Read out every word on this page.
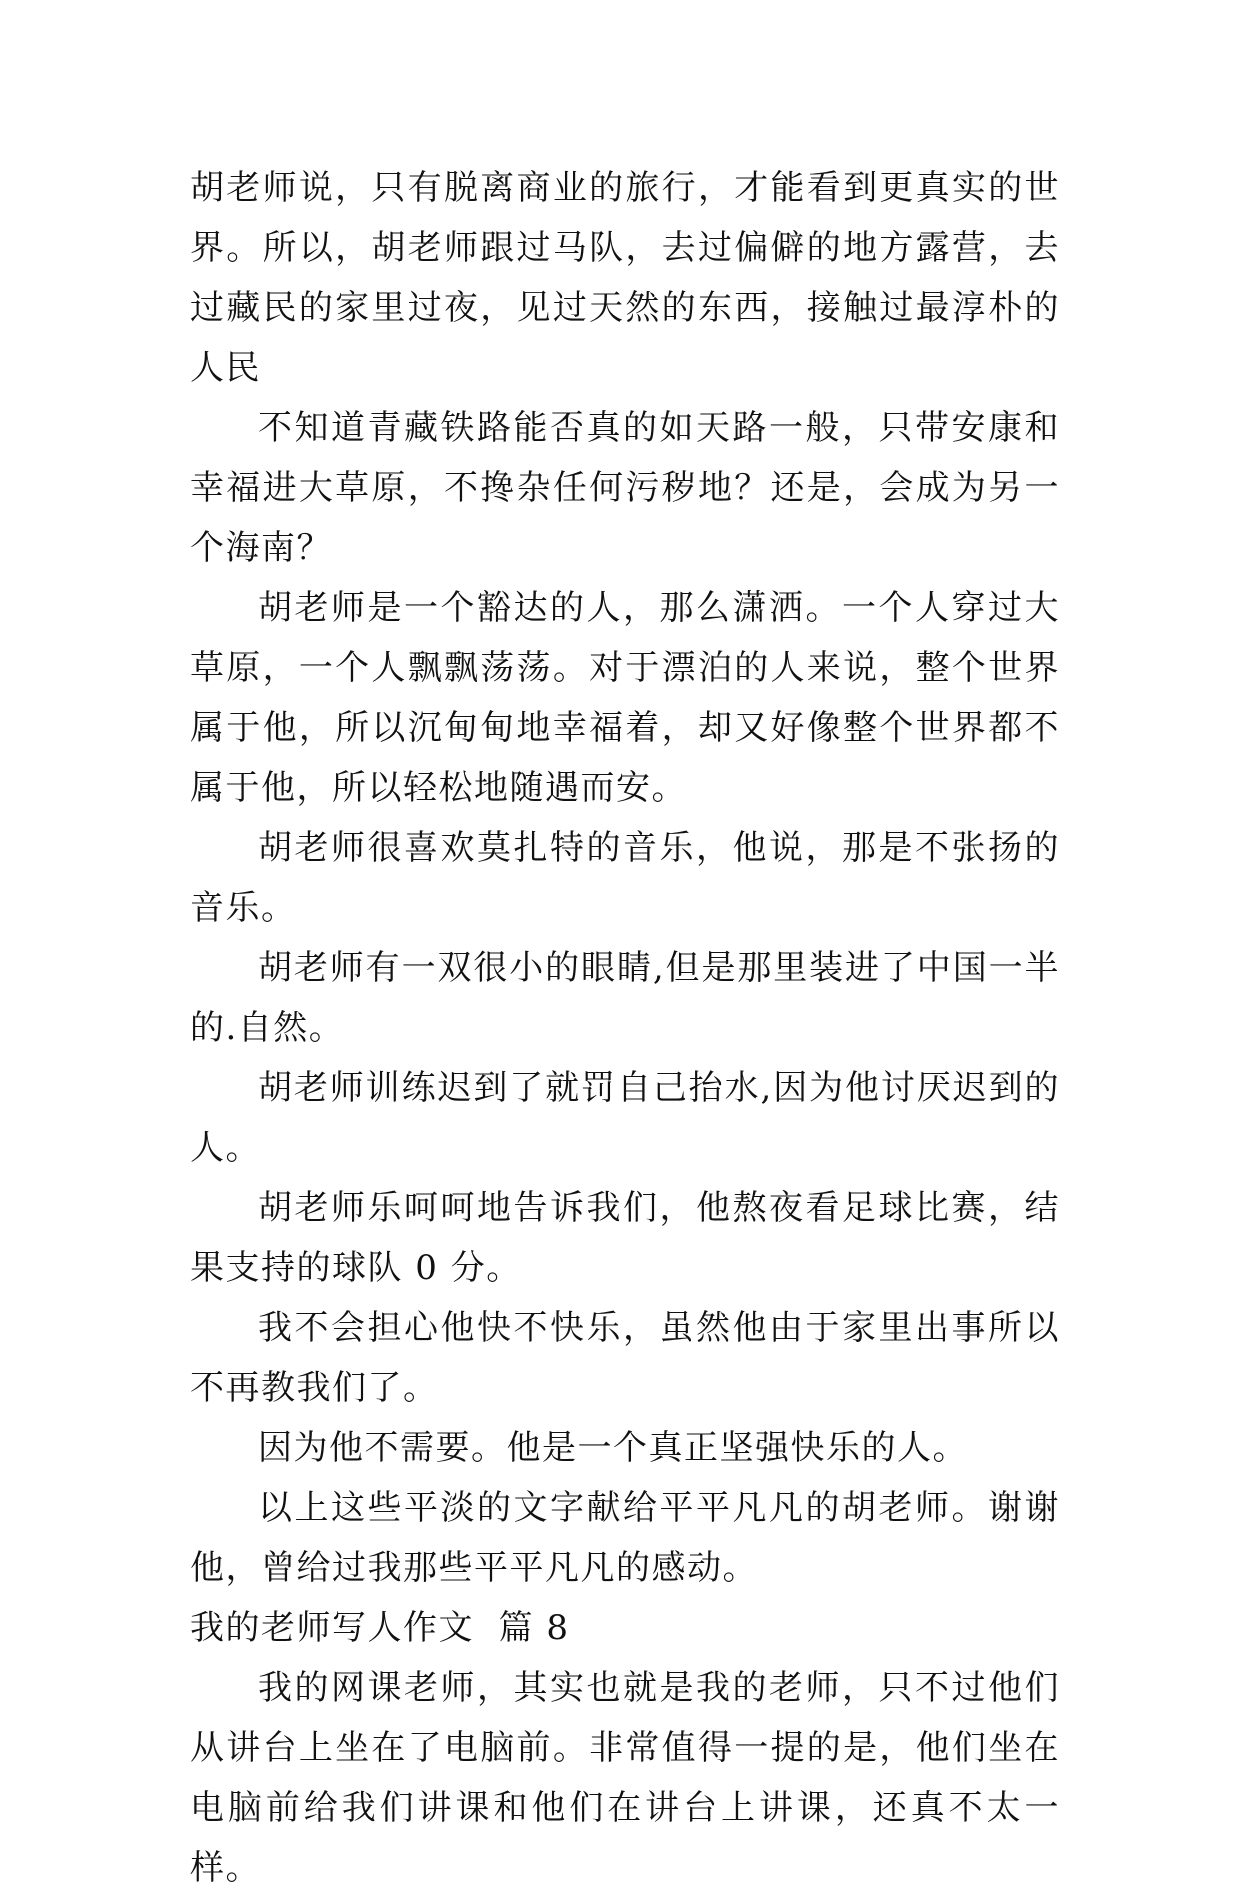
胡老师说，只有脱离商业的旅行，才能看到更真实的世界。所以，胡老师跟过马队，去过偏僻的地方露营，去过藏民的家里过夜，见过天然的东西，接触过最淳朴的人民

不知道青藏铁路能否真的如天路一般，只带安康和幸福进大草原，不搀杂任何污秽地？还是，会成为另一个海南？

胡老师是一个豁达的人，那么潇洒。一个人穿过大草原，一个人飘飘荡荡。对于漂泊的人来说，整个世界属于他，所以沉甸甸地幸福着，却又好像整个世界都不属于他，所以轻松地随遇而安。

胡老师很喜欢莫扎特的音乐，他说，那是不张扬的音乐。

胡老师有一双很小的眼睛,但是那里装进了中国一半的.自然。

胡老师训练迟到了就罚自己抬水,因为他讨厌迟到的人。

胡老师乐呵呵地告诉我们，他熬夜看足球比赛，结果支持的球队 0 分。

我不会担心他快不快乐，虽然他由于家里出事所以不再教我们了。

因为他不需要。他是一个真正坚强快乐的人。

以上这些平淡的文字献给平平凡凡的胡老师。谢谢他，曾给过我那些平平凡凡的感动。

我的老师写人作文  篇 8

我的网课老师，其实也就是我的老师，只不过他们从讲台上坐在了电脑前。非常值得一提的是，他们坐在电脑前给我们讲课和他们在讲台上讲课，还真不太一样。
